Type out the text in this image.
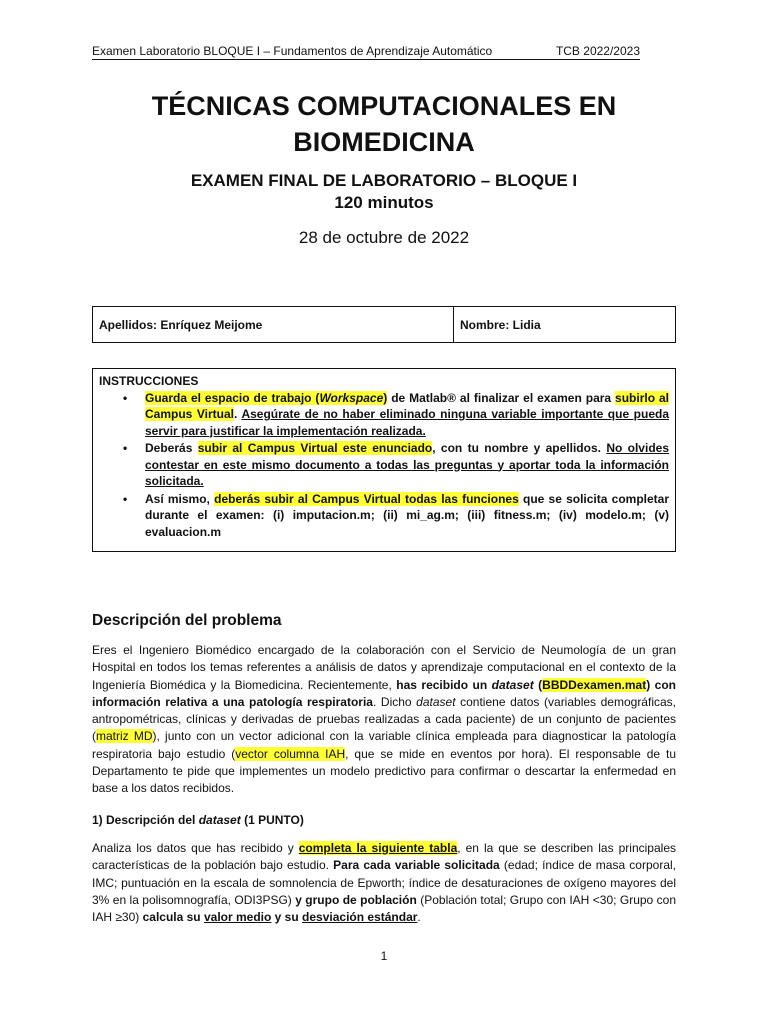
Examen Laboratorio BLOQUE I – Fundamentos de Aprendizaje Automático	TCB 2022/2023
TÉCNICAS COMPUTACIONALES EN
BIOMEDICINA
EXAMEN FINAL DE LABORATORIO – BLOQUE I
120 minutos
28 de octubre de 2022
Apellidos: Enríquez Meijome	Nombre: Lidia
INSTRUCCIONES
• Guarda el espacio de trabajo (Workspace) de Matlab® al finalizar el examen para subirlo al Campus Virtual. Asegúrate de no haber eliminado ninguna variable importante que pueda servir para justificar la implementación realizada.
• Deberás subir al Campus Virtual este enunciado, con tu nombre y apellidos. No olvides contestar en este mismo documento a todas las preguntas y aportar toda la información solicitada.
• Así mismo, deberás subir al Campus Virtual todas las funciones que se solicita completar durante el examen: (i) imputacion.m; (ii) mi_ag.m; (iii) fitness.m; (iv) modelo.m; (v) evaluacion.m
Descripción del problema
Eres el Ingeniero Biomédico encargado de la colaboración con el Servicio de Neumología de un gran Hospital en todos los temas referentes a análisis de datos y aprendizaje computacional en el contexto de la Ingeniería Biomédica y la Biomedicina. Recientemente, has recibido un dataset (BBDDexamen.mat) con información relativa a una patología respiratoria. Dicho dataset contiene datos (variables demográficas, antropométricas, clínicas y derivadas de pruebas realizadas a cada paciente) de un conjunto de pacientes (matriz MD), junto con un vector adicional con la variable clínica empleada para diagnosticar la patología respiratoria bajo estudio (vector columna IAH, que se mide en eventos por hora). El responsable de tu Departamento te pide que implementes un modelo predictivo para confirmar o descartar la enfermedad en base a los datos recibidos.
1) Descripción del dataset (1 PUNTO)
Analiza los datos que has recibido y completa la siguiente tabla, en la que se describen las principales características de la población bajo estudio. Para cada variable solicitada (edad; índice de masa corporal, IMC; puntuación en la escala de somnolencia de Epworth; índice de desaturaciones de oxígeno mayores del 3% en la polisomnografía, ODI3PSG) y grupo de población (Población total; Grupo con IAH <30; Grupo con IAH ≥30) calcula su valor medio y su desviación estándar.
1
